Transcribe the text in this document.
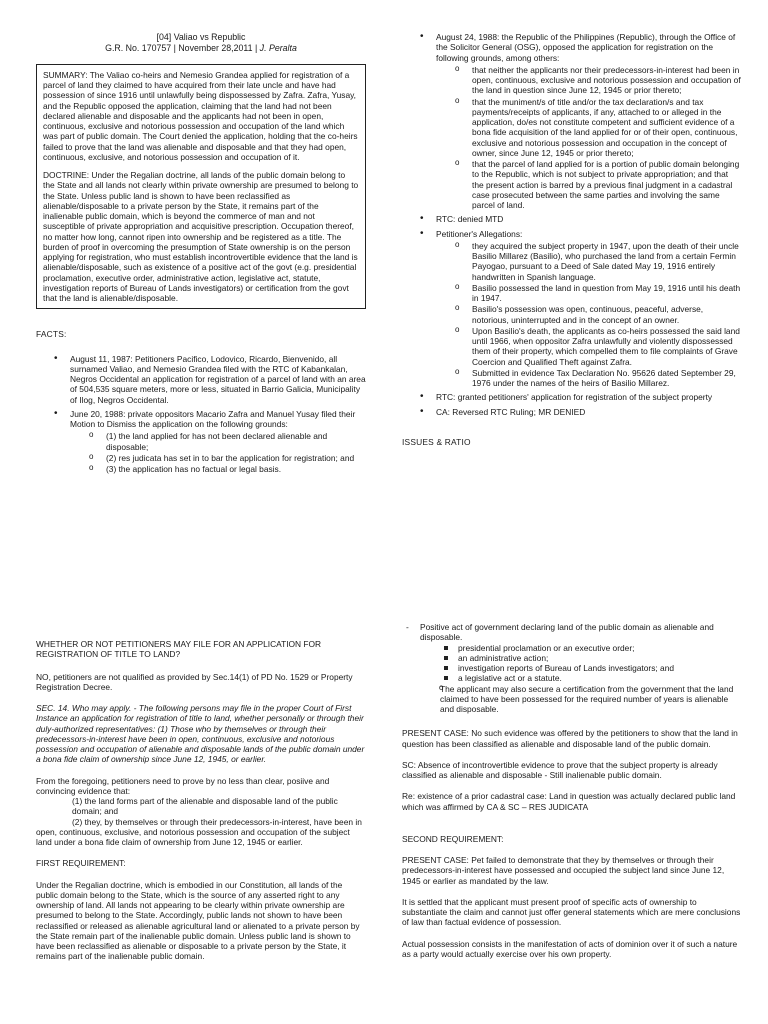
[04] Valiao vs Republic
G.R. No. 170757 | November 28,2011 | J. Peralta

SUMMARY: The Valiao co-heirs and Nemesio Grandea applied for registration of a parcel of land they claimed to have acquired from their late uncle and have had possession of since 1916 until unlawfully being dispossessed by Zafra. Zafra, Yusay, and the Republic opposed the application, claiming that the land had not been declared alienable and disposable and the applicants had not been in open, continuous, exclusive and notorious possession and occupation of the land which was part of public domain. The Court denied the application, holding that the co-heirs failed to prove that the land was alienable and disposable and that they had open, continuous, exclusive, and notorious possession and occupation of it.

DOCTRINE: Under the Regalian doctrine, all lands of the public domain belong to the State and all lands not clearly within private ownership are presumed to belong to the State. Unless public land is shown to have been reclassified as alienable/disposable to a private person by the State, it remains part of the inalienable public domain, which is beyond the commerce of man and not susceptible of private appropriation and acquisitive prescription. Occupation thereof, no matter how long, cannot ripen into ownership and be registered as a title. The burden of proof in overcoming the presumption of State ownership is on the person applying for registration, who must establish incontrovertible evidence that the land is alienable/disposable, such as existence of a positive act of the govt (e.g. presidential proclamation, executive order, administrative action, legislative act, statute, investigation reports of Bureau of Lands investigators) or certification from the govt that the land is alienable/disposable.

FACTS:
• August 11, 1987: Petitioners Pacifico, Lodovico, Ricardo, Bienvenido, all surnamed Valiao, and Nemesio Grandea filed with the RTC of Kabankalan, Negros Occidental an application for registration of a parcel of land with an area of 504,535 square meters, more or less, situated in Barrio Galicia, Municipality of Ilog, Negros Occidental.
• June 20, 1988: private oppositors Macario Zafra and Manuel Yusay filed their Motion to Dismiss the application on the following grounds:
o (1) the land applied for has not been declared alienable and disposable;
o (2) res judicata has set in to bar the application for registration; and
o (3) the application has no factual or legal basis.
• August 24, 1988: the Republic of the Philippines (Republic), through the Office of the Solicitor General (OSG), opposed the application for registration on the following grounds, among others:
o that neither the applicants nor their predecessors-in-interest had been in open, continuous, exclusive and notorious possession and occupation of the land in question since June 12, 1945 or prior thereto;
o that the muniment/s of title and/or the tax declaration/s and tax payments/receipts of applicants, if any, attached to or alleged in the application, do/es not constitute competent and sufficient evidence of a bona fide acquisition of the land applied for or of their open, continuous, exclusive and notorious possession and occupation in the concept of owner, since June 12, 1945 or prior thereto;
o that the parcel of land applied for is a portion of public domain belonging to the Republic, which is not subject to private appropriation; and that the present action is barred by a previous final judgment in a cadastral case prosecuted between the same parties and involving the same parcel of land.
• RTC: denied MTD
• Petitioner's Allegations:
o they acquired the subject property in 1947, upon the death of their uncle Basilio Millarez (Basilio), who purchased the land from a certain Fermin Payogao, pursuant to a Deed of Sale dated May 19, 1916 entirely handwritten in Spanish language.
o Basilio possessed the land in question from May 19, 1916 until his death in 1947.
o Basilio's possession was open, continuous, peaceful, adverse, notorious, uninterrupted and in the concept of an owner.
o Upon Basilio's death, the applicants as co-heirs possessed the said land until 1966, when oppositor Zafra unlawfully and violently dispossessed them of their property, which compelled them to file complaints of Grave Coercion and Qualified Theft against Zafra.
o Submitted in evidence Tax Declaration No. 95626 dated September 29, 1976 under the names of the heirs of Basilio Millarez.
• RTC: granted petitioners' application for registration of the subject property
• CA: Reversed RTC Ruling; MR DENIED
ISSUES & RATIO
WHETHER OR NOT PETITIONERS MAY FILE FOR AN APPLICATION FOR REGISTRATION OF TITLE TO LAND?
NO, petitioners are not qualified as provided by Sec.14(1) of PD No. 1529 or Property Registration Decree.
SEC. 14. Who may apply. - The following persons may file in the proper Court of First Instance an application for registration of title to land, whether personally or through their duly-authorized representatives: (1) Those who by themselves or through their predecessors-in-interest have been in open, continuous, exclusive and notorious possession and occupation of alienable and disposable lands of the public domain under a bona fide claim of ownership since June 12, 1945, or earlier.
From the foregoing, petitioners need to prove by no less than clear, posiive and convincing evidence that:
(1) the land forms part of the alienable and disposable land of the public domain; and
(2) they, by themselves or through their predecessors-in-interest, have been in open, continuous, exclusive, and notorious possession and occupation of the subject land under a bona fide claim of ownership from June 12, 1945 or earlier.
FIRST REQUIREMENT:
Under the Regalian doctrine, which is embodied in our Constitution, all lands of the public domain belong to the State, which is the source of any asserted right to any ownership of land. All lands not appearing to be clearly within private ownership are presumed to belong to the State. Accordingly, public lands not shown to have been reclassified or released as alienable agricultural land or alienated to a private person by the State remain part of the inalienable public domain. Unless public land is shown to have been reclassified as alienable or disposable to a private person by the State, it remains part of the inalienable public domain.
- Positive act of government declaring land of the public domain as alienable and disposable.
presidential proclamation or an executive order;
an administrative action;
investigation reports of Bureau of Lands investigators; and
a legislative act or a statute.
o The applicant may also secure a certification from the government that the land claimed to have been possessed for the required number of years is alienable and disposable.
PRESENT CASE: No such evidence was offered by the petitioners to show that the land in question has been classified as alienable and disposable land of the public domain.
SC: Absence of incontrovertible evidence to prove that the subject property is already classified as alienable and disposable - Still inalienable public domain.
Re: existence of a prior cadastral case: Land in question was actually declared public land which was affirmed by CA & SC – RES JUDICATA
SECOND REQUIREMENT:
PRESENT CASE: Pet failed to demonstrate that they by themselves or through their predecessors-in-interest have possessed and occupied the subject land since June 12, 1945 or earlier as mandated by the law.
It is settled that the applicant must present proof of specific acts of ownership to substantiate the claim and cannot just offer general statements which are mere conclusions of law than factual evidence of possession.
Actual possession consists in the manifestation of acts of dominion over it of such a nature as a party would actually exercise over his own property.
